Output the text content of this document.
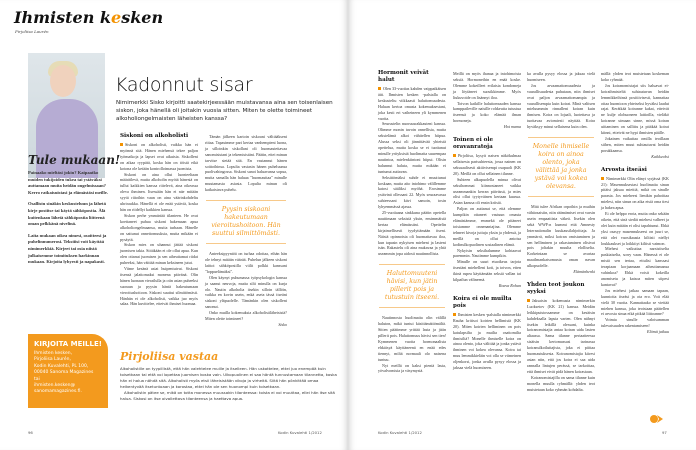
Ihmisten kesken
Pirjoliisa Laurén
Kadonnut sisar
Nimimerkki Sisko kirjoitti saatekirjeessään muistavansa aina sen toisenlaisen siskon, joka hänellä oli joitakin vuosia sitten. Miten te olette toimineet alkoholiongelmaisten läheisten kanssa?
Tule mukaan!

Painaako mieltäsi jokin? Kaipaatko muiden tukijoiden tukea tai ystäväksi auttamaan muita heidän ongelmissaan? Kerro ratkaisuistasi ja elämästäsi meille.

Osallistu sinäkin keskusteluun ja lähetä kirje postitse tai käytä sähköpostia. Älä kuitenkaan lähetä sähköpostia liitteenä oman pelkkänä nivelinä.

Laita mukaan oikea nimesi, osoitteesi ja puhelinnumerosi. Tekstiisi voit käyttää nimimerkkiä. Kirjeet tai osia niistä julkaisemme toimituksen harkinnan mukaan. Kirjoita lyhyesti ja napakasti.

KIRJOITA MEILLE!
Ihmisten kesken,
Pirjoliisa Laurén,
Kodin Kuvalehti, PL 100,
00040 Sanoma Magazines
tai
ihmisten.kesken@
sanomamagazines.fi.
Siskoni on alkoholisti

Siskoni on alkoholisti, vaikka hän ei myönnä sitä. Hänen miehensä tekee paljon työmatkoja ja lapset ovat aikuisia. Siskolleni on aikaa ryypätä, koska hän on töistä eikä kotona ole ketään kontrolloimassa juomista.

Siskoni on aina ollut luonteeltaan määräilevä, mutta alkoholin myötä hänestä on tullut kaikkien kanssa riitelevä, aina oikeassa oleva ihminen. Itsessään hän ei näe mitään syytä riitoihin vaan on aina väärinkohdeltu uhriraukka. Hänellä ei ole enää ystäviä, koska hän on riidellyt kaikkien kanssa.

Siskon perhe ymmärtää tilanteen. He ovat koettaneet puhua siskoni hakemaan apua alkoholiongelmaansa, mutta turhaan. Hänelle on sattunut onnettomuuksia, mutta mikään ei pysäytä.

Siskon mies on uhannut jättää siskoni juomisen takia. Siitäkään ei ole ollut apua. Kun olen ottanut juomisen ja sen aiheuttamat riidat puheeksi, hän väittää minun keksineen jutut.

Viime kesänä asiat huipentuivat. Siskoni itsensä jalattomaksi monena päivänä. Olin hänen luonaan vierailulla ja otin asian puheeksi suoraan ja pyysin häntä hakeutumaan vieroitushoitoon. Siskoni suuttui silmittömästi. Hänhän ei ole alkoholisti, vaikka juo myös salaa. Hän kuvittelee, etteivät ihmiset huomaa.

Tämän jälkeen kartoin siskoani välttääkseni riitaa. Tapasimme pari kertaa vanhempieni luona, ja silloinkin siskollani oli huomautettavaa sanomisistani ja tekemisistäni. Päätin, ettei minun tarvitse sietää sitä. En vastannut hänen soittoihinsa. Lopulta vastasin hänen puheluunsa puolivahingossa. Siskoni sanoi haluavansa sopua, mutta samalla hän haluaa "huomauttaa" minulle muutamasta asiasta. Lopulta minun oli katkaistava puhelu.

Pyysin siskoani hakeutumaan vieroitushoitoon. Hän suuttui silmittömästi.

Anteeksipyyntöä on turhaa odottaa, eihän hän ole tehnyt mitään väärää. Puhelun jälkeen siskoni laittoi sähköpostilla viilit polkki kanssani "loppuelämäksi".

Olen käynyt puhumassa työpsykologin kanssa ja saanut neuvoja, mutta silti minulla on kurja olo. Nautin alkoholia itsekin silloin tällöin, vaikka en kovin usein, enkä aseta tässä itseäni siskoni yläpuolelle. Tämänkin olen siskolleni sanonut.

Onko muilla kokemuksia alkoholistiläheisistä? Miten olette toimineet?

Sisko
Pirjoliisa vastaa

Alkoholistille on tyypillistä, että hän valehtelee muille ja itselleen. Hän uskottelee, ettei juo enempää kuin toisetkaan tai että voi lopettaa juomisen koska vain. Ulkopuolinen ei saa häntä tunnustamaan tilannetta, koska hän ei halua nähdä sitä. Alkoholisti myös etsii läheisistään vikoja ja virheitä. Siitä hän pönkittää omaa heikentyvää itsetuntoaan ja korostaa, ettei hän ole sen huonompi kuin toisetkaan.

Alkoholistin pätee se, mikä on totta monessa muussakin tilanteessa: toista ei voi muuttaa, ellei hän itse sitä halua. Siskosi on itse oivallettava tilanteensa ja haettava apua.

96	Kodin Kuvalehti 1/2012
Hormonit veivät halut

Olen 33-vuotias kahden vaippaikäisen äiti. Ihmisten kesken -palstalla on keskusteltu viikkaasti haluttomuudesta. Haluan kertoa omasta kokemuksestani, joka kesti eri vaiheineen yli kymmenen vuotta.

Seurustelin nuoruusrakkauteni kanssa. Olimme monin tavoin onnellisia, mutta seksielämä alkoi vähitellen hiipua. Alussa seksi oli jännittävää yhteistä opettelua, mutta koska se ei tuottanut minulle yrityksistä huolimatta suurempaa nautintoa, mielenkiintoni hiipui. Olisin halunnut haluta, mutta mikään ei tuntunut auttavan.

Seksittömäksi suhde ei muuttunut koskaan, mutta aito intohimo välillemme katosi sääliksi myöhä. Erosimme ystävinä ollessani 22. Myös seuraavassa suhteessani kävi samoin, tosin lyhyemmässä ajassa.

25-vuotiaana sinkkuna päätin opetella nauttimaan seksistä yksin, ensimmäistä kertaa elämässäni. Opettelin kirjaimellisesti tyydyttämään itseni. Näistä opinnoista oli huomattavaa iloa, kun tapasin nykyisen mieheni ja lasteni isän. Rakastelu oli aina mukavaa ja yhtä useammin jopa aidosti nautinnollista.

Haluttomuuteni hävisi, kun jätin pillerit pois ja tutustuin itseeni.

Nautinnosta huolimatta olin välillä haluton, mikä tuntui käsittämättömältä. Sitten päätimme yrittää lasta ja jätin pillerit pois. Haluttomuus hävisi sen tien! Kymmenen vuotta hormonaalista ehkäisyä käyttäneenä en enää edes tiennyt, miltä normaali olo naisena tuntuu.

Nyt meillä on kaksi pientä lasta, yövalvomisia ja väsymystä.

Meillä on myös ihanaa ja intohimoista seksiä. Hormoneihin en enää koske. Olemme kokeilleet erilaisia kondomeja ja löytäneet suosikkimme. Myös liukuvoide on lisännyt iloa.

Toivon kaikille haluttomuuden kanssa kamppaileville naisille rohkeutta tutustua itseensä ja koko elämää ilman hormoneja.

Hot mama
Toinen ei ole oravanratoja

Pirjoliisa, kysyit naisen näkökulmaa sellaisesta parisuhteesta, jossa nainen on seksuaalisesti aktiivisempi osapuoli (KK 20). Meillä on ollut sellainen tilanne.

Suhteen alkupuolella minua olivat seksihommat kiinnostaneet vaikka useammankin kerran päivässä, ja mies olisi ollut tyytyväinen kertaan kuussa. Asian kanssa oli ensin kriisiä.

Paljon on auttanut se, että olemme kumpikin ottaneet vastuun omasta elämästämme, emmekä ole pitäneet toisiamme onnenantajina. Olemme tehneet kivoja juttuja yksin ja yhdessä, ja meillä on ollut antoisa kodinulkopuolinen sosiaalinen elämä.

Nykyisin seksihalumme kohtaavat paremmin. Nautimme kumpikin.

Minulle on suuri etuoikeus tarjota itsestäni miehelleni koti, ja toivon, etten ikinä rupea käyttämään seksiä vallan tai kilpailun välineenä.

Roava Rohan
Koira ei ole muilta pois

Ihmisten kesken -palstalla nimimerkki Rauha kritisoi koirien hellimistä (KK 20). Miten koirien helliminen on pois katulapsilta ja muilta osattomilta ihmisiltä? Monelle ihmiselle koira on ainoa olento, joka välittää ja jonka ystävä ihminen voi kokea olevansa. Koira tai muu lemmikkieläin voi olla se viimeinen oljenkorsi, jonka avulla pysyy elossa ja jaksaa vielä huomiseen.

ka avulla pysyy elossa ja jaksaa vielä huomiseen.

Jos arvaamattomuudesta ja vaarallisuudesta puhutaan, niin ihmiset ovat paljon arvaamattomampia ja vaarallisempia kuin koirat. Minä valitsen mieluummin rinnalleni koiran kuin ihmisen. Koira on lojaali, luotettava ja tuottavaa aviomiesti näyttää. Koira hyväksyy minut sellaisena kuin olen.

Monelle ihmiselle koira on ainoa olento, joka välittää ja jonka ystävä voi kokea olevansa.

Mitä tulee Afrikan orpoihin ja muihin vähäosaisiin, niin räämämiset ovat varsin usein empaattista väkeä. Itsekin olen sekä WWF:n kummi että Amnesty Internationalin kuukausilahjoittaja. Ja ymmärrä, miksi koiran omistaminen ja sen helliminen ja rakastaminen olisivat pois joltakin muulta elolliselta. Korkeintaan se avartaa maailmankatsomusta oman navan ulkopuolelle.

Elämänhenki
Yhden teot joukon syyksi

Jaksaisin kokemusta nimimerkin Luoksetov (KK 21) kanssa. Meidän leikkipuistossamme on kesäisin kahdeksalla lapsia varten. Olen nähnyt itsekin leikillä olessani, kuinka koiranomistajia antaa koiran uida lasten altaassa. Sama tilanne periaatteessa sisäisin kertomassasi tarinassa koiranulkoiluttajista, joka ei piittaa huomautuksesta. Koiranomistajia kiiresi asian niin, että jos koira ei saa uida rannalla lintujen perässä, se tarkoittaa, että ihmiset eivät pidä hänen koirastaan.

Koiranomistajilla on sama tilanne kuin monella muulla ryhmällä: yhden teot muistetaan koko ryhmän kohdalta.

mällä: yhden teot muistetaan koskeman koko ryhmää.

Jos koiranomistajat siis haluavat ei-koiraihmisteltä suhtautuvan heidän lemmikkeihinsä positiivisesti, kannattaa ottaa huomioon yhteiseksi hyväksi laadut rajat. Kerätkää koiranne kakat, etteivät ne kulje olohuoneen lattioilla, vieläkö koiranne uimaan sinne, missä koiran uittaminen on sallittu ja pitäkää koirat kiinni, etteivät ne hypi ihmisten päälle.

Jokainen vaikuttaa omilla teoillaan siihen, miten muut suhtautuvat heidän porukkaansa.

Kaikkeeksi
Arvosta itseäsi

Nimimerkki Olin elänyt syrjässä (KK 21): Masennuksestasi huolimatta sinun pitäisi jaksaa miettiä, mikä on sinulle parasta. Jos mieheesi lienikin pahoittaa mielesi, niin sinun on aika etsiä oma tiesi ja hakea apua.

Ei ole helppo erota, mutta onko sekään oikein, että sinä siedät miehesi valheet ja olet kuin mitään ei olisi tapahtunut. Ehkä yksi osasyy masennukseesi on juuri se, että olet vuosikausia kiltisti niellyt loukkaukset ja loikkiiyt kiltisti vaimon.

Miehesi vaikuttaa narsistiselta paskiaiselta, sorry vaan. Hänessä ei ole mistä sen tertaa, ettulisi kanssasi terapiaan korjaamaan aiheuttamansa vahinkoa? Ehkä voisit kokeilla anomisetu ja katsoa miten siipesi kantavat?

Jos miehesi jatkaa samaan tapaan, kunnioita itseäsi ja ota ero. Voit elää vielä 30 vuotta. Kannattaako se viettää miehen kanssa, joka teoistaan päätellen ei arvosta sinua eikä pitkää liittoanne?

Voimia sinulle valoisamman tulevaisuuden rakentamiseen!

Elämä jatkuu
Kodin Kuvalehti 1/2012	97
